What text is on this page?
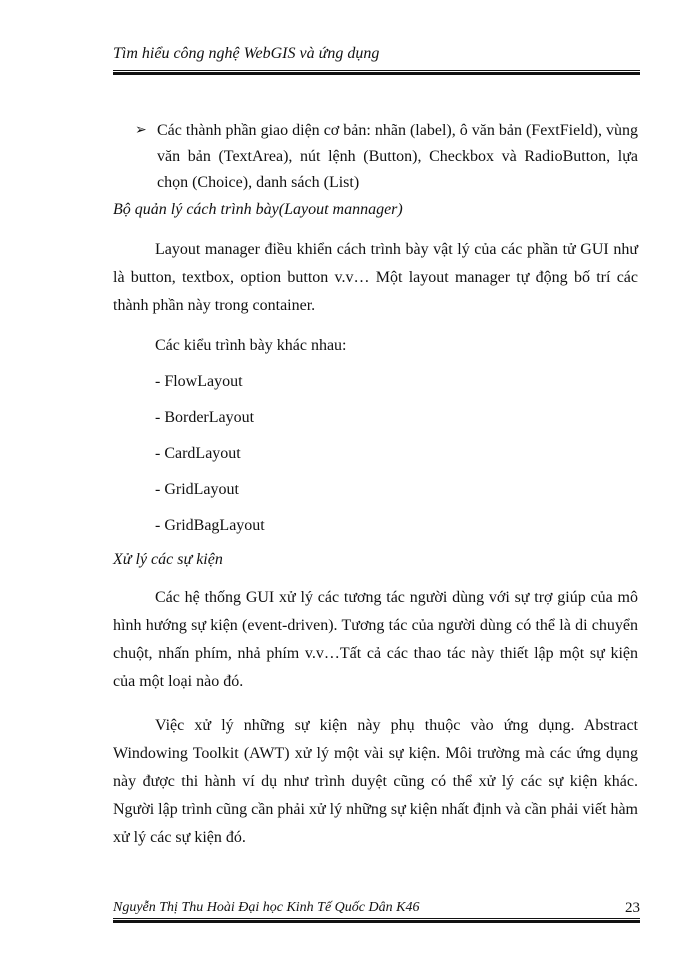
Tìm hiểu công nghệ WebGIS và ứng dụng
➢ Các thành phần giao diện cơ bản: nhãn (label), ô văn bản (FextField), vùng văn bản (TextArea), nút lệnh (Button), Checkbox và RadioButton, lựa chọn (Choice), danh sách (List)
Bộ quản lý cách trình bày(Layout mannager)

Layout manager điều khiển cách trình bày vật lý của các phần tử GUI như là button, textbox, option button v.v… Một layout manager tự động bố trí các thành phần này trong container.

Các kiểu trình bày khác nhau:
- FlowLayout
- BorderLayout
- CardLayout
- GridLayout
- GridBagLayout
Xử lý các sự kiện

Các hệ thống GUI xử lý các tương tác người dùng với sự trợ giúp của mô hình hướng sự kiện (event-driven). Tương tác của người dùng có thể là di chuyển chuột, nhấn phím, nhả phím v.v…Tất cả các thao tác này thiết lập một sự kiện của một loại nào đó.

Việc xử lý những sự kiện này phụ thuộc vào ứng dụng. Abstract Windowing Toolkit (AWT) xử lý một vài sự kiện. Môi trường mà các ứng dụng này được thi hành ví dụ như trình duyệt cũng có thể xử lý các sự kiện khác. Người lập trình cũng cần phải xử lý những sự kiện nhất định và cần phải viết hàm xử lý các sự kiện đó.

Nguyễn Thị Thu Hoài Đại học Kinh Tế Quốc Dân K46	23
